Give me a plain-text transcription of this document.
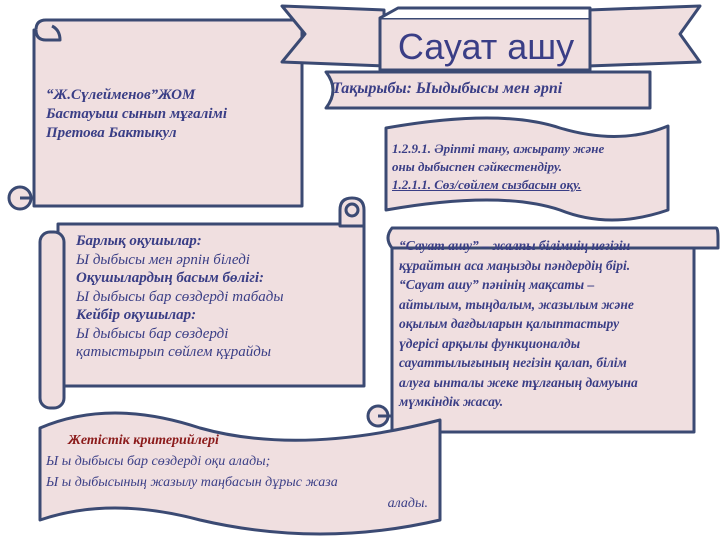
Сауат ашу
“Ж.Сүлейменов”ЖОМ
Бастауыш сынып мұғалімі
Претова Бактыкул
Тақырыбы: Ыыдыбысы мен әрпі
1.2.9.1. Әріпті тану, ажырату және
оны дыбыспен сәйкестендіру.
1.2.1.1. Сөз/сөйлем сызбасын оқу.
Барлық оқушылар:
Ы дыбысы мен әрпін біледі
Оқушылардың басым бөлігі:
Ы дыбысы бар сөздерді табады
Кейбір оқушылар:
Ы дыбысы бар сөздерді
қатыстырып сөйлем құрайды
“Сауат ашу” – жалпы білімнің негізін
құрайтын аса маңызды пәндердің бірі.
“Сауат ашу” пәнінің мақсаты –
айтылым, тыңдалым, жазылым және
оқылым дағдыларын қалыптастыру
үдерісі арқылы функционалды
сауаттылығының негізін қалап, білім
алуға ынталы жеке тұлғаның дамуына
мүмкіндік жасау.
Жетістік критерийлері
Ы ы дыбысы бар сөздерді оқи алады;
Ы ы дыбысының жазылу таңбасын дұрыс жаза
алады.
